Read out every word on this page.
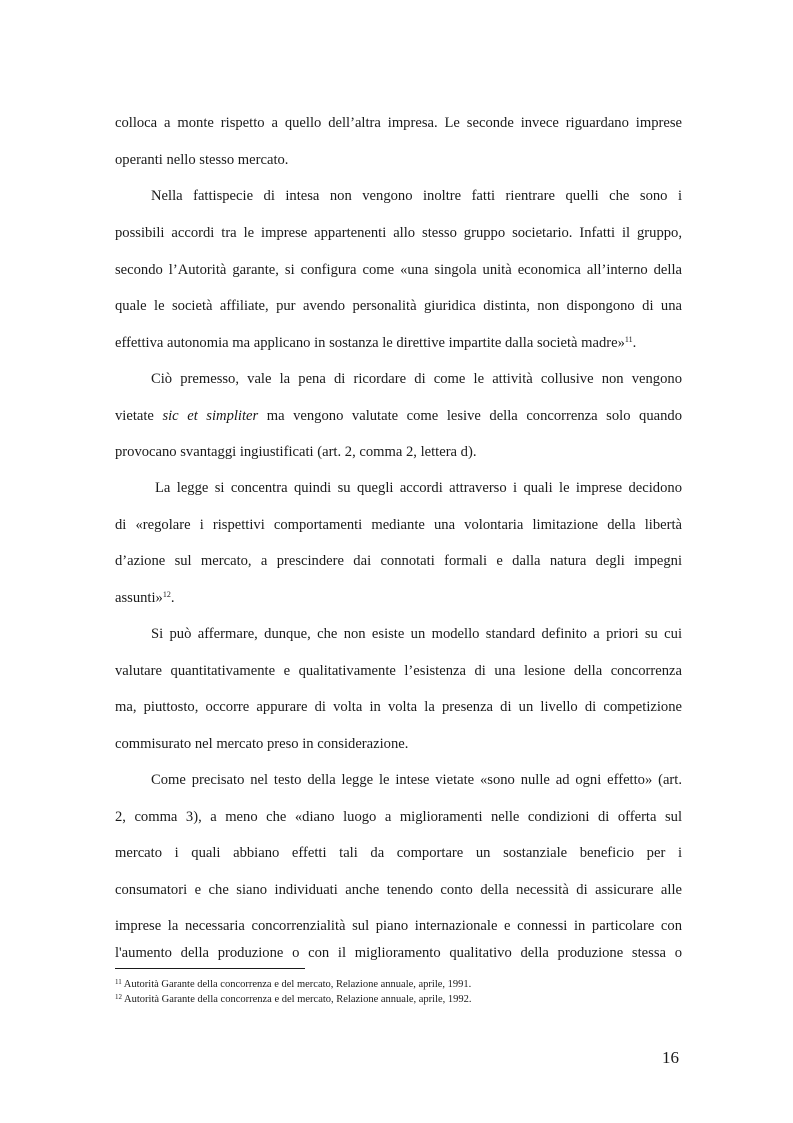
colloca a monte rispetto a quello dell’altra impresa. Le seconde invece riguardano imprese
operanti nello stesso mercato.
Nella fattispecie di intesa non vengono inoltre fatti rientrare quelli che sono i
possibili accordi tra le imprese appartenenti allo stesso gruppo societario. Infatti il gruppo,
secondo l’Autorità garante, si configura come «una singola unità economica all’interno della
quale le società affiliate, pur avendo personalità giuridica distinta, non dispongono di una
effettiva autonomia ma applicano in sostanza le direttive impartite dalla società madre»$^{11}$.
Ciò premesso, vale la pena di ricordare di come le attività collusive non vengono
vietate sic et simpliter ma vengono valutate come lesive della concorrenza solo quando
provocano svantaggi ingiustificati (art. 2, comma 2, lettera d).
La legge si concentra quindi su quegli accordi attraverso i quali le imprese decidono
di «regolare i rispettivi comportamenti mediante una volontaria limitazione della libertà
d’azione sul mercato, a prescindere dai connotati formali e dalla natura degli impegni
assunti»$^{12}$.
Si può affermare, dunque, che non esiste un modello standard definito a priori su cui
valutare quantitativamente e qualitativamente l’esistenza di una lesione della concorrenza
ma, piuttosto, occorre appurare di volta in volta la presenza di un livello di competizione
commisurato nel mercato preso in considerazione.
Come precisato nel testo della legge le intese vietate «sono nulle ad ogni effetto» (art.
2, comma 3), a meno che «diano luogo a miglioramenti nelle condizioni di offerta sul
mercato i quali abbiano effetti tali da comportare un sostanziale beneficio per i
consumatori e che siano individuati anche tenendo conto della necessità di assicurare alle
imprese la necessaria concorrenzialità sul piano internazionale e connessi in particolare con
l'aumento della produzione o con il miglioramento qualitativo della produzione stessa o
$^{11}$ Autorità Garante della concorrenza e del mercato, Relazione annuale, aprile, 1991.
$^{12}$ Autorità Garante della concorrenza e del mercato, Relazione annuale, aprile, 1992.
16
